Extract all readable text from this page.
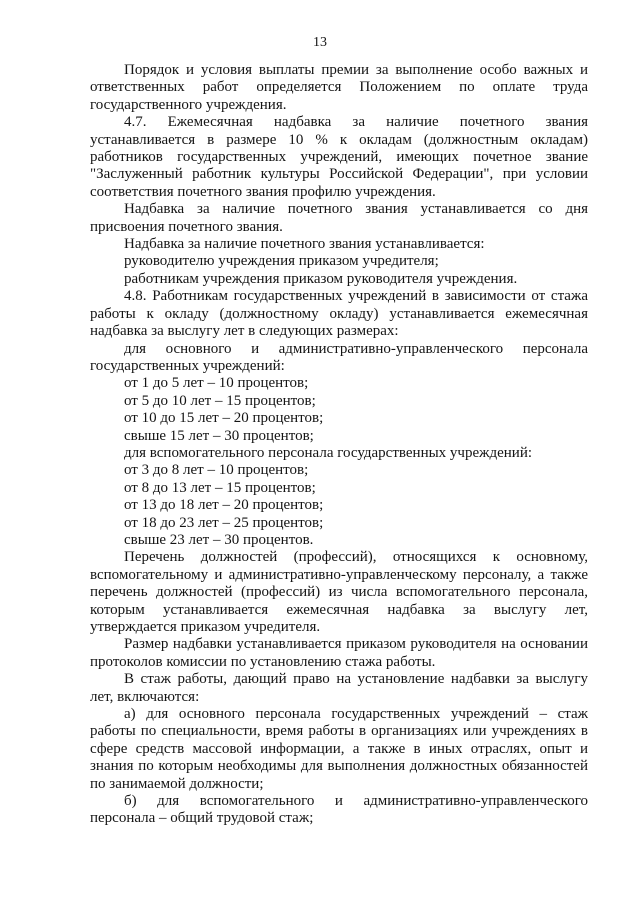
13

Порядок и условия выплаты премии за выполнение особо важных и ответственных работ определяется Положением по оплате труда государственного учреждения.

4.7. Ежемесячная надбавка за наличие почетного звания устанавливается в размере 10 % к окладам (должностным окладам) работников государственных учреждений, имеющих почетное звание "Заслуженный работник культуры Российской Федерации", при условии соответствия почетного звания профилю учреждения.

Надбавка за наличие почетного звания устанавливается со дня присвоения почетного звания.

Надбавка за наличие почетного звания устанавливается:

руководителю учреждения приказом учредителя;

работникам учреждения приказом руководителя учреждения.

4.8. Работникам государственных учреждений в зависимости от стажа работы к окладу (должностному окладу) устанавливается ежемесячная надбавка за выслугу лет в следующих размерах:

для основного и административно-управленческого персонала государственных учреждений:

от 1 до 5 лет – 10 процентов;

от 5 до 10 лет – 15 процентов;

от 10 до 15 лет – 20 процентов;

свыше 15 лет – 30 процентов;

для вспомогательного персонала государственных учреждений:

от 3 до 8 лет – 10 процентов;

от 8 до 13 лет – 15 процентов;

от 13 до 18 лет – 20 процентов;

от 18 до 23 лет – 25 процентов;

свыше 23 лет – 30 процентов.

Перечень должностей (профессий), относящихся к основному, вспомогательному и административно-управленческому персоналу, а также перечень должностей (профессий) из числа вспомогательного персонала, которым устанавливается ежемесячная надбавка за выслугу лет, утверждается приказом учредителя.

Размер надбавки устанавливается приказом руководителя на основании протоколов комиссии по установлению стажа работы.

В стаж работы, дающий право на установление надбавки за выслугу лет, включаются:

а) для основного персонала государственных учреждений – стаж работы по специальности, время работы в организациях или учреждениях в сфере средств массовой информации, а также в иных отраслях, опыт и знания по которым необходимы для выполнения должностных обязанностей по занимаемой должности;

б) для вспомогательного и административно-управленческого персонала – общий трудовой стаж;
